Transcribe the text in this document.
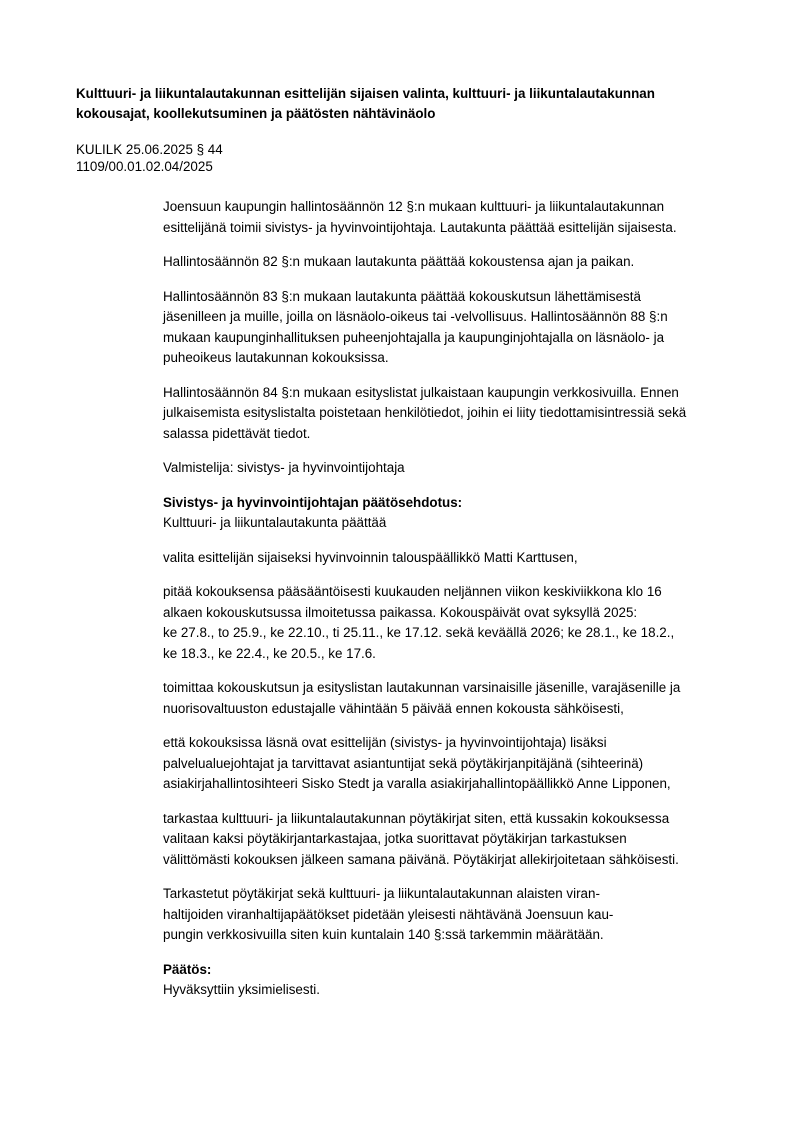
Kulttuuri- ja liikuntalautakunnan esittelijän sijaisen valinta, kulttuuri- ja liikuntalautakunnan
kokousajat, koollekutsuminen ja päätösten nähtävinäolo
KULILK 25.06.2025 § 44
1109/00.01.02.04/2025
Joensuun kaupungin hallintosäännön 12 §:n mukaan kulttuuri- ja liikuntalautakunnan
esittelijänä toimii sivistys- ja hyvinvointijohtaja. Lautakunta päättää esittelijän sijaisesta.
Hallintosäännön 82 §:n mukaan lautakunta päättää kokoustensa ajan ja paikan.
Hallintosäännön 83 §:n mukaan lautakunta päättää kokouskutsun lähettämisestä
jäsenilleen ja muille, joilla on läsnäolo-oikeus tai -velvollisuus. Hallintosäännön 88 §:n
mukaan kaupunginhallituksen puheenjohtajalla ja kaupunginjohtajalla on läsnäolo- ja
puheoikeus lautakunnan kokouksissa.
Hallintosäännön 84 §:n mukaan esityslistat julkaistaan kaupungin verkkosivuilla. Ennen
julkaisemista esityslistalta poistetaan henkilötiedot, joihin ei liity tiedottamisintressiä sekä
salassa pidettävät tiedot.
Valmistelija: sivistys- ja hyvinvointijohtaja
Sivistys- ja hyvinvointijohtajan päätösehdotus:
Kulttuuri- ja liikuntalautakunta päättää
valita esittelijän sijaiseksi hyvinvoinnin talouspäällikkö Matti Karttusen,
pitää kokouksensa pääsääntöisesti kuukauden neljännen viikon keskiviikkona klo 16
alkaen kokouskutsussa ilmoitetussa paikassa. Kokouspäivät ovat syksyllä 2025:
ke 27.8., to 25.9., ke 22.10., ti 25.11., ke 17.12. sekä keväällä 2026; ke 28.1., ke 18.2.,
ke 18.3., ke 22.4., ke 20.5., ke 17.6.
toimittaa kokouskutsun ja esityslistan lautakunnan varsinaisille jäsenille, varajäsenille ja
nuorisovaltuuston edustajalle vähintään 5 päivää ennen kokousta sähköisesti,
että kokouksissa läsnä ovat esittelijän (sivistys- ja hyvinvointijohtaja) lisäksi
palvelualuejohtajat ja tarvittavat asiantuntijat sekä pöytäkirjanpitäjänä (sihteerinä)
asiakirjahallintosihteeri Sisko Stedt ja varalla asiakirjahallintopäällikkö Anne Lipponen,
tarkastaa kulttuuri- ja liikuntalautakunnan pöytäkirjat siten, että kussakin kokouksessa
valitaan kaksi pöytäkirjantarkastajaa, jotka suorittavat pöytäkirjan tarkastuksen
välittömästi kokouksen jälkeen samana päivänä. Pöytäkirjat allekirjoitetaan sähköisesti.
Tarkastetut pöytäkirjat sekä kulttuuri- ja liikuntalautakunnan alaisten viran-
haltijoiden viranhaltijapäätökset pidetään yleisesti nähtävänä Joensuun kau-
pungin verkkosivuilla siten kuin kuntalain 140 §:ssä tarkemmin määrätään.
Päätös:
Hyväksyttiin yksimielisesti.
